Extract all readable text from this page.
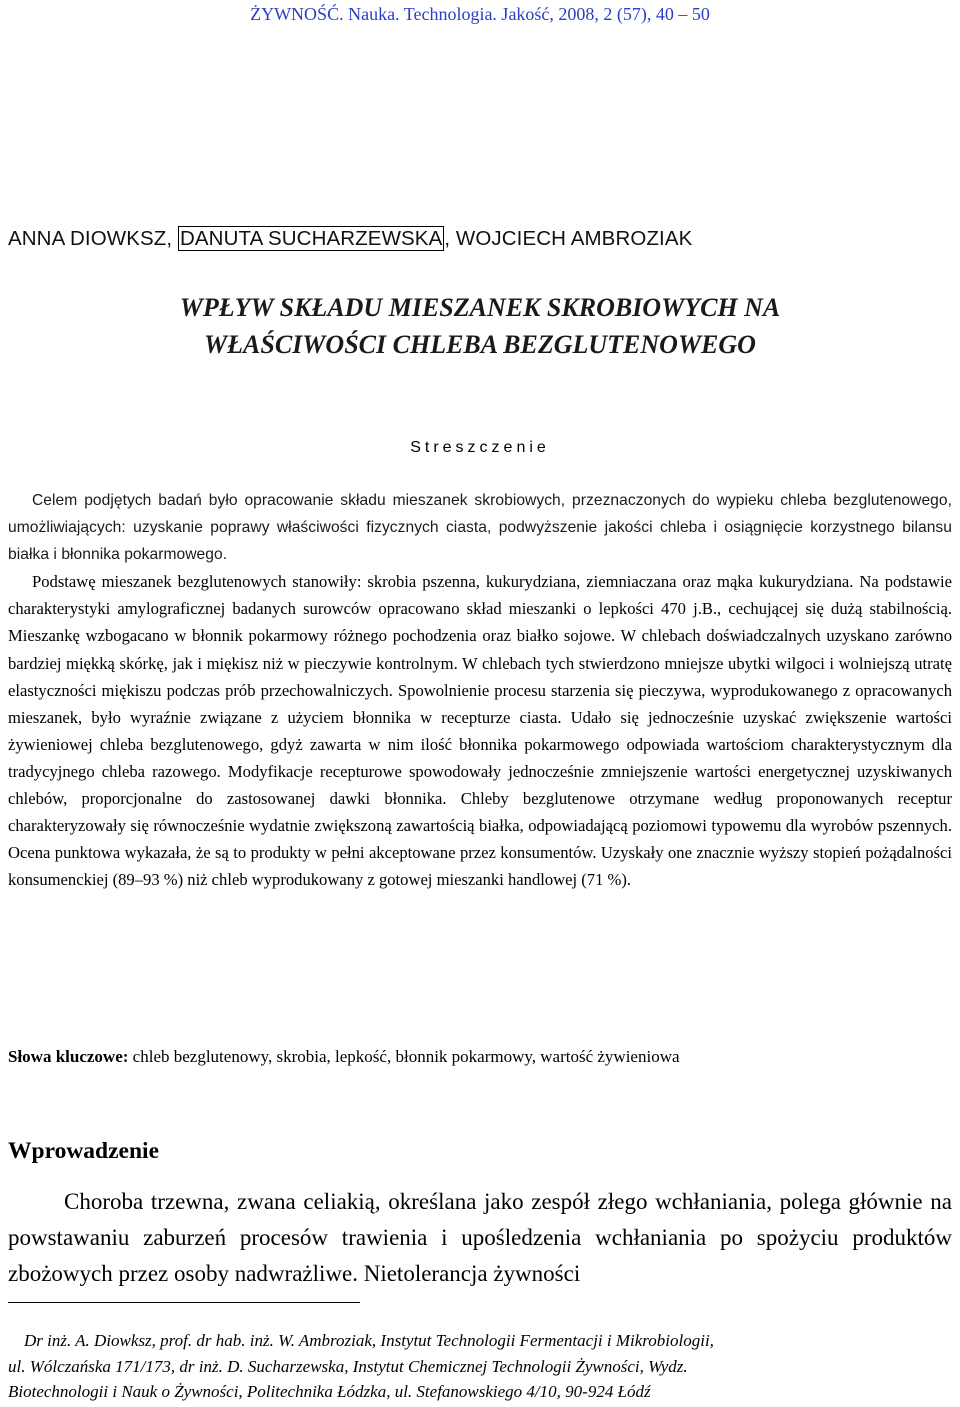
ŻYWNOŚĆ. Nauka. Technologia. Jakość, 2008, 2 (57), 40 – 50
ANNA DIOWKSZ, DANUTA SUCHARZEWSKA, WOJCIECH AMBROZIAK
WPŁYW SKŁADU MIESZANEK SKROBIOWYCH NA
WŁAŚCIWOŚCI CHLEBA BEZGLUTENOWEGO
Streszczenie

Celem podjętych badań było opracowanie składu mieszanek skrobiowych, przeznaczonych do wypieku chleba bezglutenowego, umożliwiających: uzyskanie poprawy właściwości fizycznych ciasta, podwyższenie jakości chleba i osiągnięcie korzystnego bilansu białka i błonnika pokarmowego.

Podstawę mieszanek bezglutenowych stanowiły: skrobia pszenna, kukurydziana, ziemniaczana oraz mąka kukurydziana. Na podstawie charakterystyki amylograficznej badanych surowców opracowano skład mieszanki o lepkości 470 j.B., cechującej się dużą stabilnością. Mieszankę wzbogacano w błonnik pokarmowy różnego pochodzenia oraz białko sojowe. W chlebach doświadczalnych uzyskano zarówno bardziej miękką skórkę, jak i miękisz niż w pieczywie kontrolnym. W chlebach tych stwierdzono mniejsze ubytki wilgoci i wolniejszą utratę elastyczności miękiszu podczas prób przechowalniczych. Spowolnienie procesu starzenia się pieczywa, wyprodukowanego z opracowanych mieszanek, było wyraźnie związane z użyciem błonnika w recepturze ciasta. Udało się jednocześnie uzyskać zwiększenie wartości żywieniowej chleba bezglutenowego, gdyż zawarta w nim ilość błonnika pokarmowego odpowiada wartościom charakterystycznym dla tradycyjnego chleba razowego. Modyfikacje recepturowe spowodowały jednocześnie zmniejszenie wartości energetycznej uzyskiwanych chlebów, proporcjonalne do zastosowanej dawki błonnika. Chleby bezglutenowe otrzymane według proponowanych receptur charakteryzowały się równocześnie wydatnie zwiększoną zawartością białka, odpowiadającą poziomowi typowemu dla wyrobów pszennych. Ocena punktowa wykazała, że są to produkty w pełni akceptowane przez konsumentów. Uzyskały one znacznie wyższy stopień pożądalności konsumenckiej (89–93 %) niż chleb wyprodukowany z gotowej mieszanki handlowej (71 %).

Słowa kluczowe: chleb bezglutenowy, skrobia, lepkość, błonnik pokarmowy, wartość żywieniowa
Wprowadzenie

Choroba trzewna, zwana celiakią, określana jako zespół złego wchłaniania, polega głównie na powstawaniu zaburzeń procesów trawienia i upośledzenia wchłaniania po spożyciu produktów zbożowych przez osoby nadwrażliwe. Nietolerancja żywności

Dr inż. A. Diowksz, prof. dr hab. inż. W. Ambroziak, Instytut Technologii Fermentacji i Mikrobiologii,
ul. Wólczańska 171/173, dr inż. D. Sucharzewska, Instytut Chemicznej Technologii Żywności, Wydz.
Biotechnologii i Nauk o Żywności, Politechnika Łódzka, ul. Stefanowskiego 4/10, 90-924 Łódź
